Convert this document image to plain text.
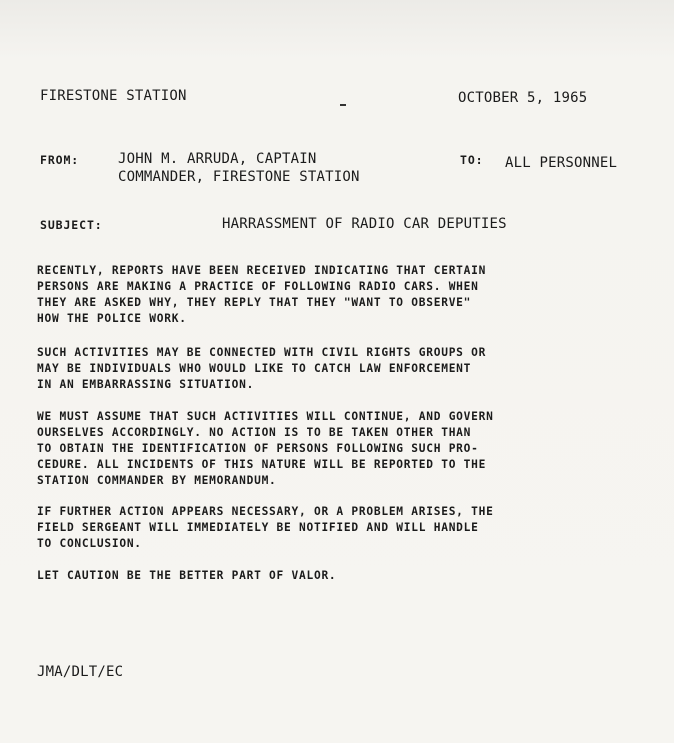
FIRESTONE STATION	OCTOBER 5, 1965
FROM:	JOHN M. ARRUDA, CAPTAIN
COMMANDER, FIRESTONE STATION
TO: ALL PERSONNEL
SUBJECT:	HARRASSMENT OF RADIO CAR DEPUTIES
RECENTLY, REPORTS HAVE BEEN RECEIVED INDICATING THAT CERTAIN
PERSONS ARE MAKING A PRACTICE OF FOLLOWING RADIO CARS. WHEN
THEY ARE ASKED WHY, THEY REPLY THAT THEY "WANT TO OBSERVE"
HOW THE POLICE WORK.
SUCH ACTIVITIES MAY BE CONNECTED WITH CIVIL RIGHTS GROUPS OR
MAY BE INDIVIDUALS WHO WOULD LIKE TO CATCH LAW ENFORCEMENT
IN AN EMBARRASSING SITUATION.
WE MUST ASSUME THAT SUCH ACTIVITIES WILL CONTINUE, AND GOVERN
OURSELVES ACCORDINGLY. NO ACTION IS TO BE TAKEN OTHER THAN
TO OBTAIN THE IDENTIFICATION OF PERSONS FOLLOWING SUCH PRO-
CEDURE. ALL INCIDENTS OF THIS NATURE WILL BE REPORTED TO THE
STATION COMMANDER BY MEMORANDUM.
IF FURTHER ACTION APPEARS NECESSARY, OR A PROBLEM ARISES, THE
FIELD SERGEANT WILL IMMEDIATELY BE NOTIFIED AND WILL HANDLE
TO CONCLUSION.
LET CAUTION BE THE BETTER PART OF VALOR.
JMA/DLT/EC
